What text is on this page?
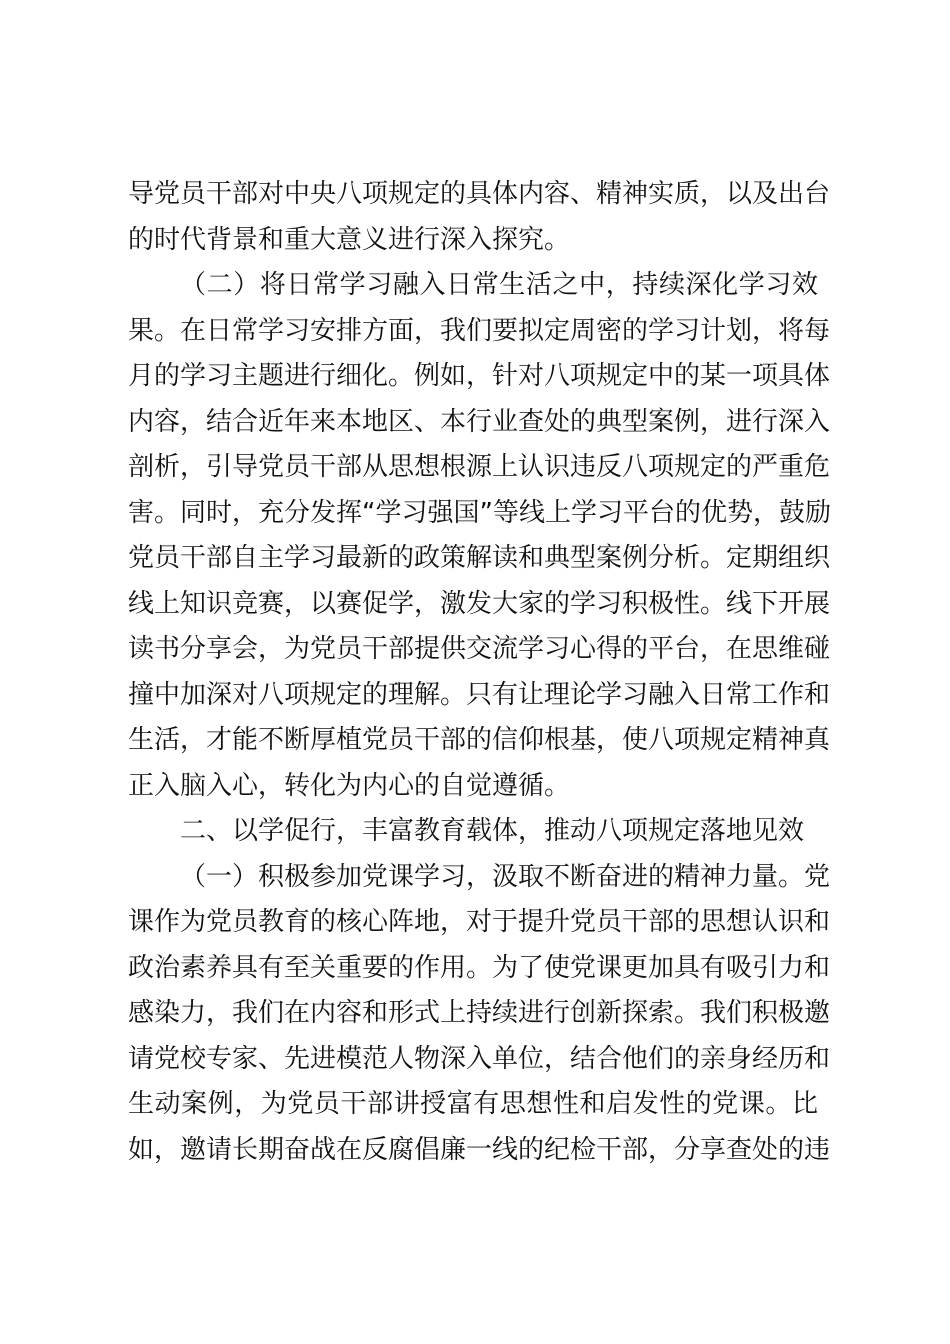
导党员干部对中央八项规定的具体内容、精神实质，以及出台
的时代背景和重大意义进行深入探究。
（二）将日常学习融入日常生活之中，持续深化学习效
果。在日常学习安排方面，我们要拟定周密的学习计划，将每
月的学习主题进行细化。例如，针对八项规定中的某一项具体
内容，结合近年来本地区、本行业查处的典型案例，进行深入
剖析，引导党员干部从思想根源上认识违反八项规定的严重危
害。同时，充分发挥“学习强国”等线上学习平台的优势，鼓励
党员干部自主学习最新的政策解读和典型案例分析。定期组织
线上知识竞赛，以赛促学，激发大家的学习积极性。线下开展
读书分享会，为党员干部提供交流学习心得的平台，在思维碰
撞中加深对八项规定的理解。只有让理论学习融入日常工作和
生活，才能不断厚植党员干部的信仰根基，使八项规定精神真
正入脑入心，转化为内心的自觉遵循。
二、以学促行，丰富教育载体，推动八项规定落地见效
（一）积极参加党课学习，汲取不断奋进的精神力量。党
课作为党员教育的核心阵地，对于提升党员干部的思想认识和
政治素养具有至关重要的作用。为了使党课更加具有吸引力和
感染力，我们在内容和形式上持续进行创新探索。我们积极邀
请党校专家、先进模范人物深入单位，结合他们的亲身经历和
生动案例，为党员干部讲授富有思想性和启发性的党课。比
如，邀请长期奋战在反腐倡廉一线的纪检干部，分享查处的违
